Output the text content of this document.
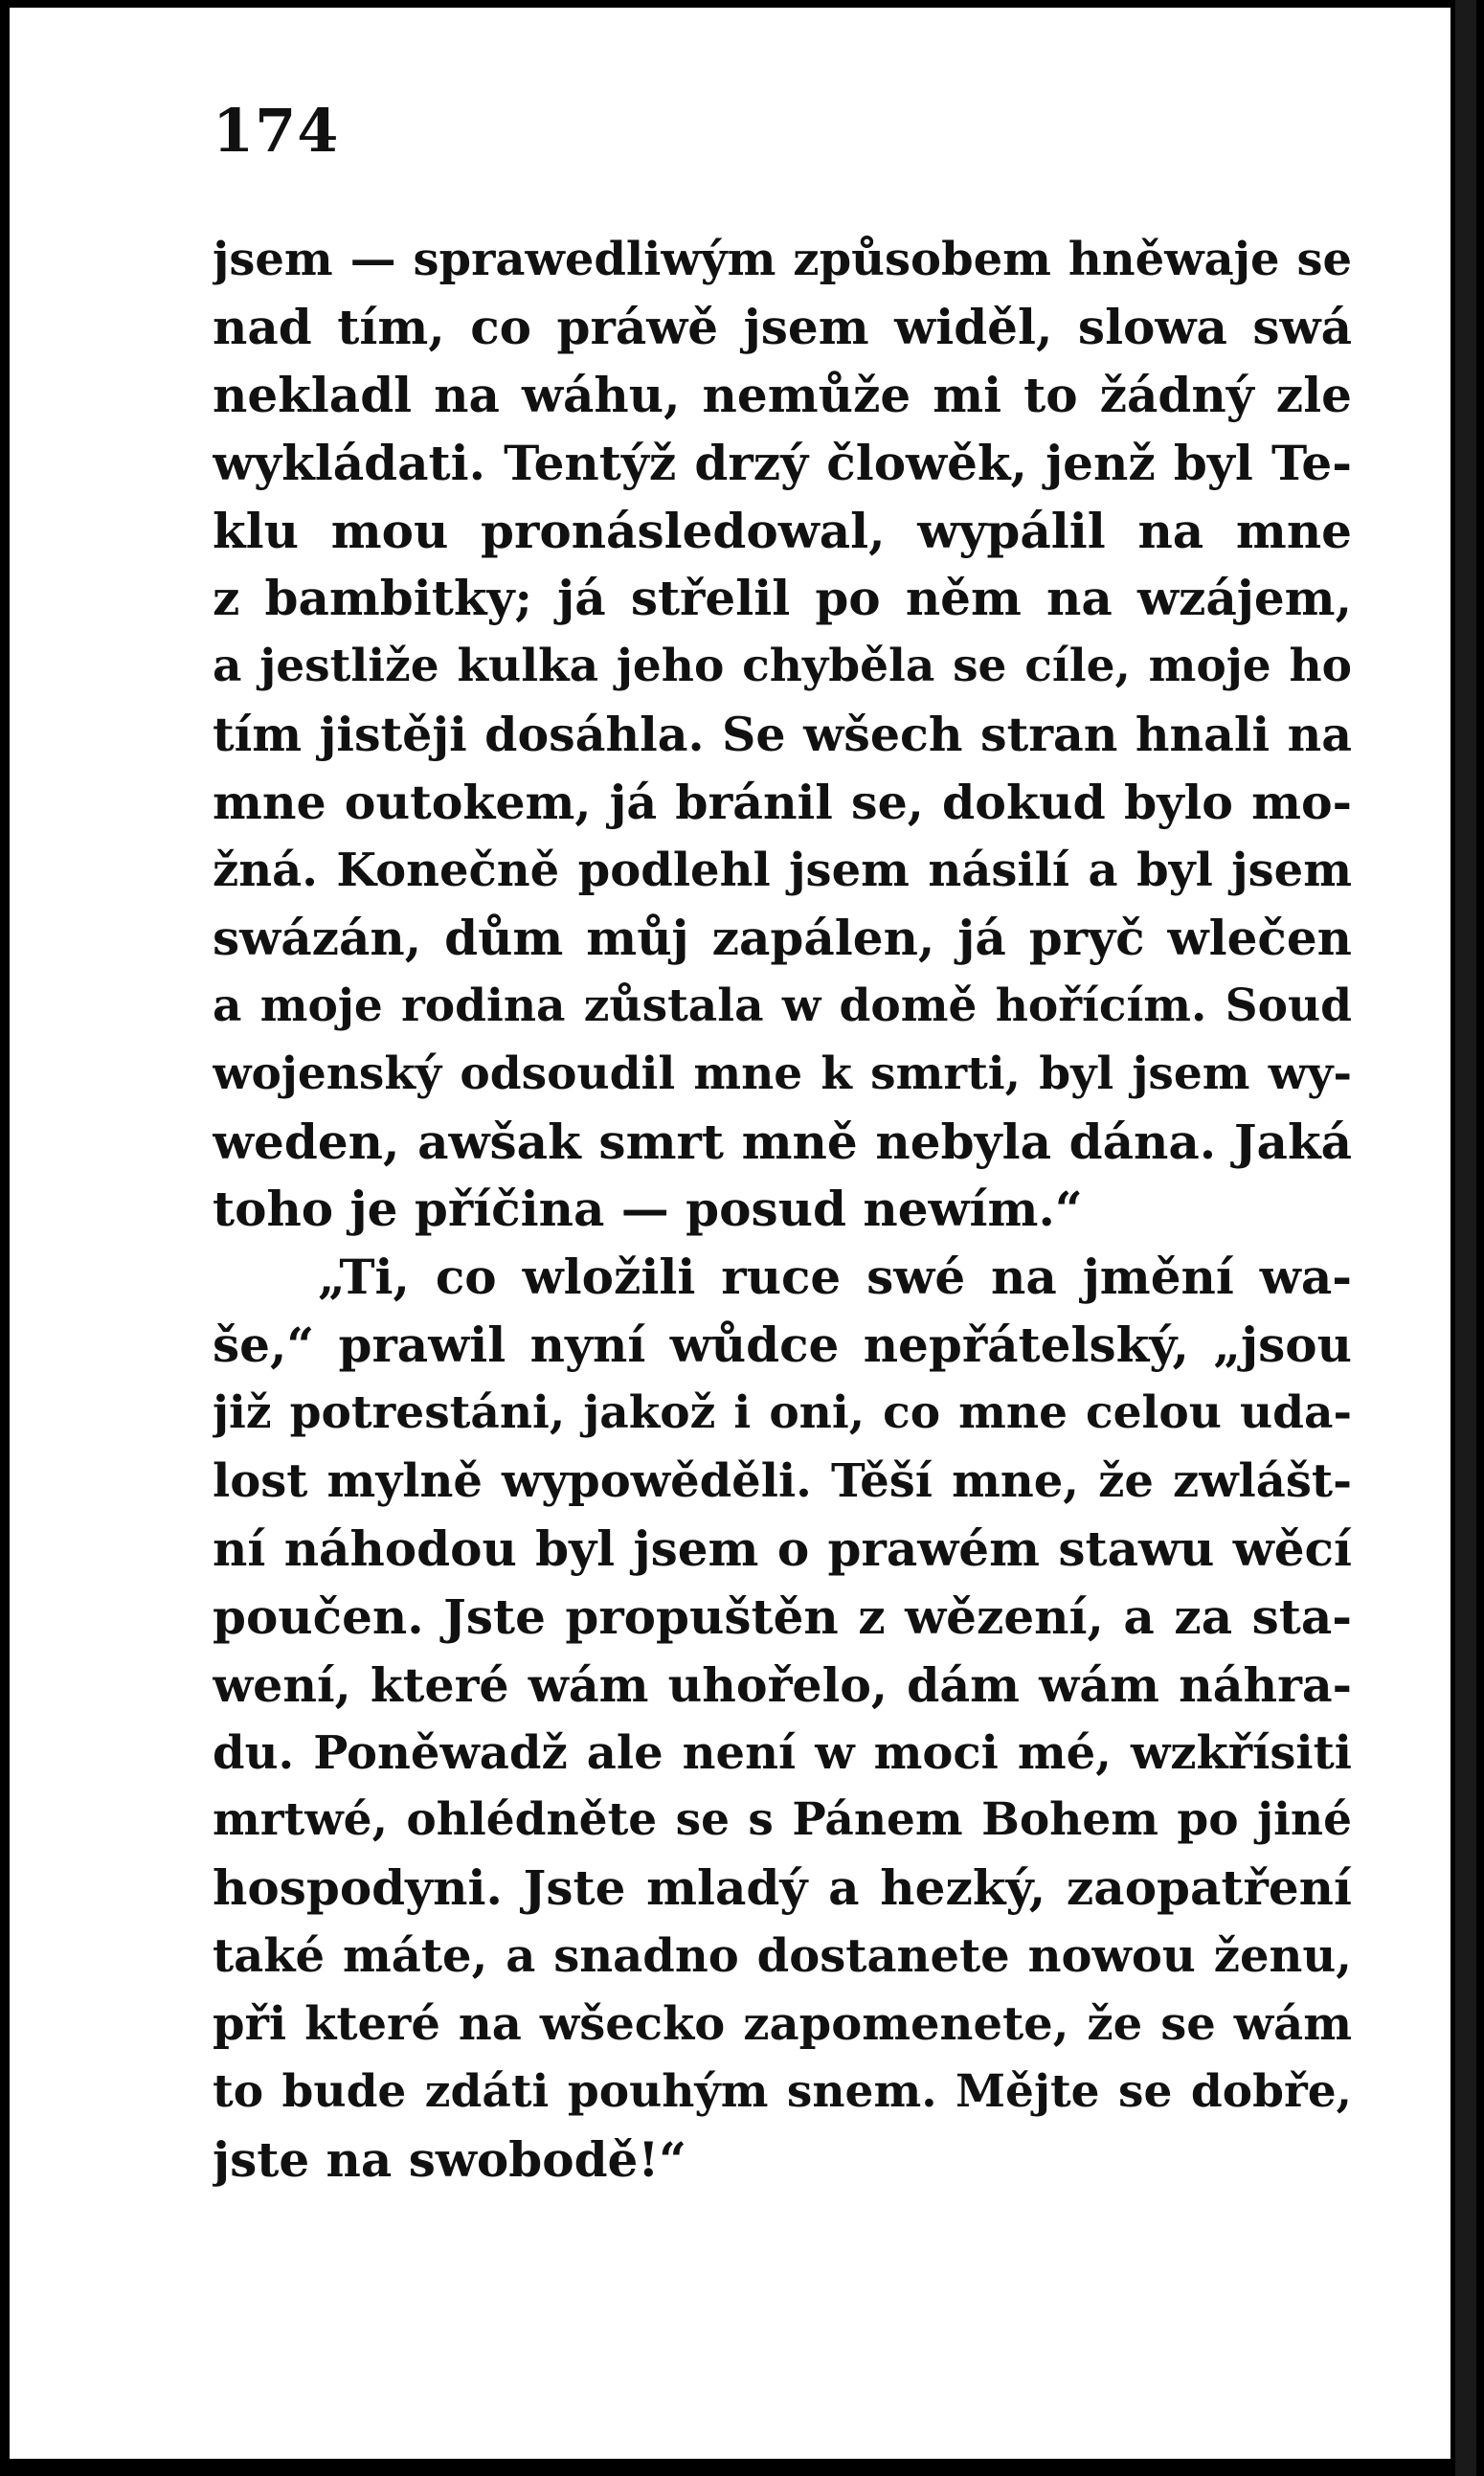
174
jsem — sprawedliwým způsobem hněwaje se
nad tím, co práwě jsem widěl, slowa swá
nekladl na wáhu, nemůže mi to žádný zle
wykládati. Tentýž drzý člowěk, jenž byl Te-
klu mou pronásledowal, wypálil na mne
z bambitky; já střelil po něm na wzájem,
a jestliže kulka jeho chyběla se cíle, moje ho
tím jistěji dosáhla. Se wšech stran hnali na
mne outokem, já bránil se, dokud bylo mo-
žná. Konečně podlehl jsem násilí a byl jsem
swázán, dům můj zapálen, já pryč wlečen
a moje rodina zůstala w domě hořícím. Soud
wojenský odsoudil mne k smrti, byl jsem wy-
weden, awšak smrt mně nebyla dána. Jaká
toho je příčina — posud newím.“
„Ti, co wložili ruce swé na jmění wa-
še,“ prawil nyní wůdce nepřátelský, „jsou
již potrestáni, jakož i oni, co mne celou uda-
lost mylně wypowěděli. Těší mne, že zwlášt-
ní náhodou byl jsem o prawém stawu wěcí
poučen. Jste propuštěn z wězení, a za sta-
wení, které wám uhořelo, dám wám náhra-
du. Poněwadž ale není w moci mé, wzkřísiti
mrtwé, ohlédněte se s Pánem Bohem po jiné
hospodyni. Jste mladý a hezký, zaopatření
také máte, a snadno dostanete nowou ženu,
při které na wšecko zapomenete, že se wám
to bude zdáti pouhým snem. Mějte se dobře,
jste na swobodě!“
